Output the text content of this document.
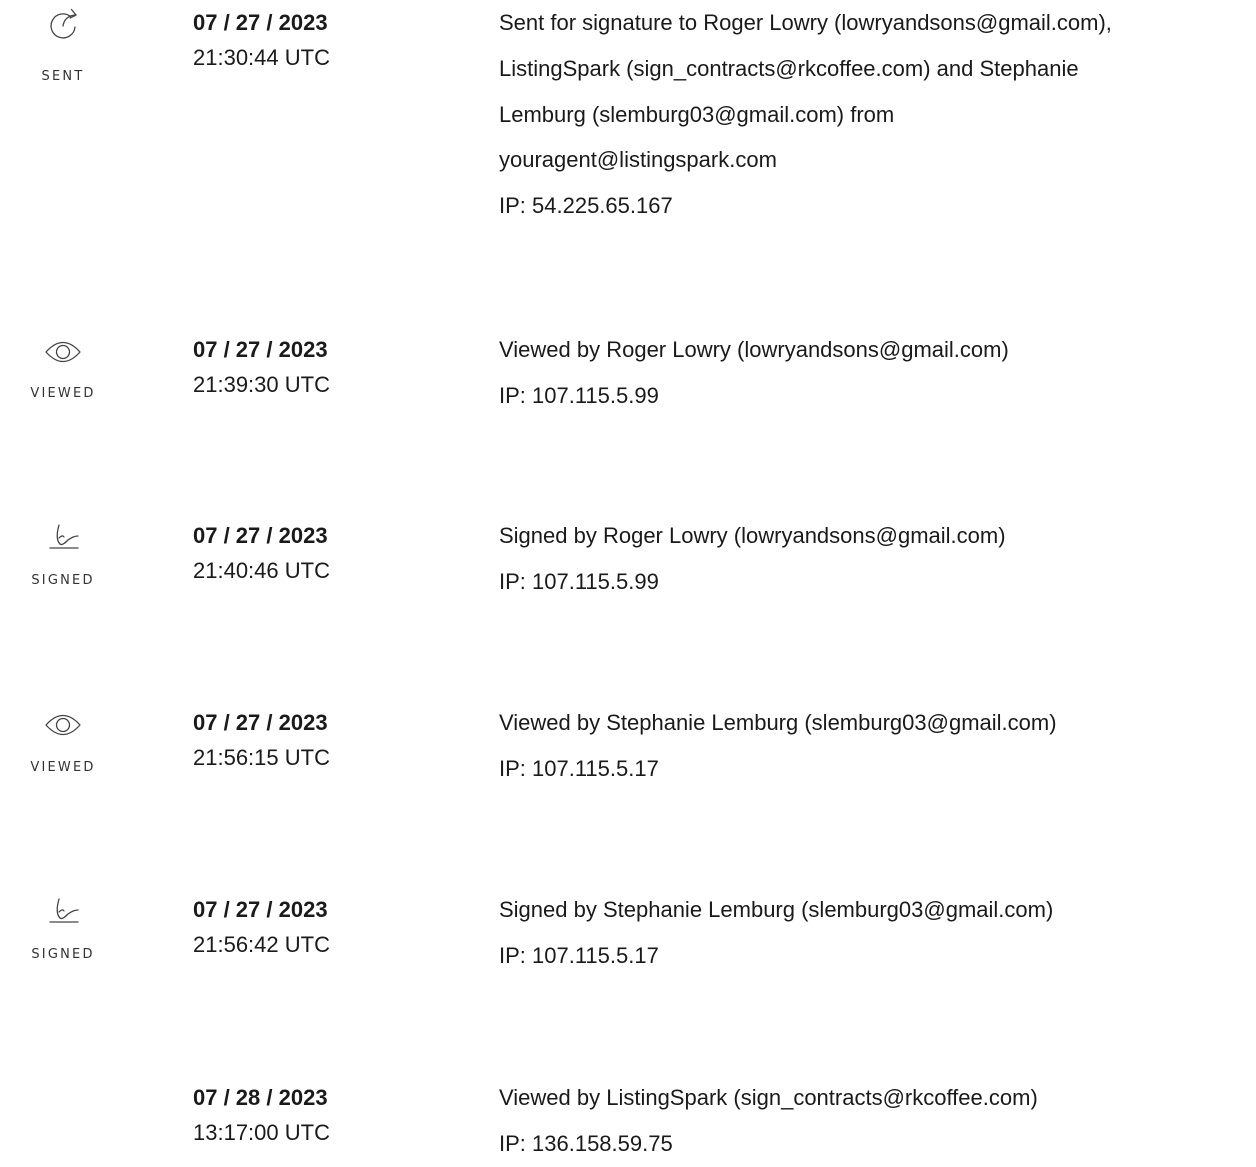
SENT
07 / 27 / 2023
21:30:44 UTC
Sent for signature to Roger Lowry (lowryandsons@gmail.com),
ListingSpark (sign_contracts@rkcoffee.com) and Stephanie
Lemburg (slemburg03@gmail.com) from
youragent@listingspark.com
IP: 54.225.65.167
VIEWED
07 / 27 / 2023
21:39:30 UTC
Viewed by Roger Lowry (lowryandsons@gmail.com)
IP: 107.115.5.99
SIGNED
07 / 27 / 2023
21:40:46 UTC
Signed by Roger Lowry (lowryandsons@gmail.com)
IP: 107.115.5.99
VIEWED
07 / 27 / 2023
21:56:15 UTC
Viewed by Stephanie Lemburg (slemburg03@gmail.com)
IP: 107.115.5.17
SIGNED
07 / 27 / 2023
21:56:42 UTC
Signed by Stephanie Lemburg (slemburg03@gmail.com)
IP: 107.115.5.17
07 / 28 / 2023
13:17:00 UTC
Viewed by ListingSpark (sign_contracts@rkcoffee.com)
IP: 136.158.59.75
